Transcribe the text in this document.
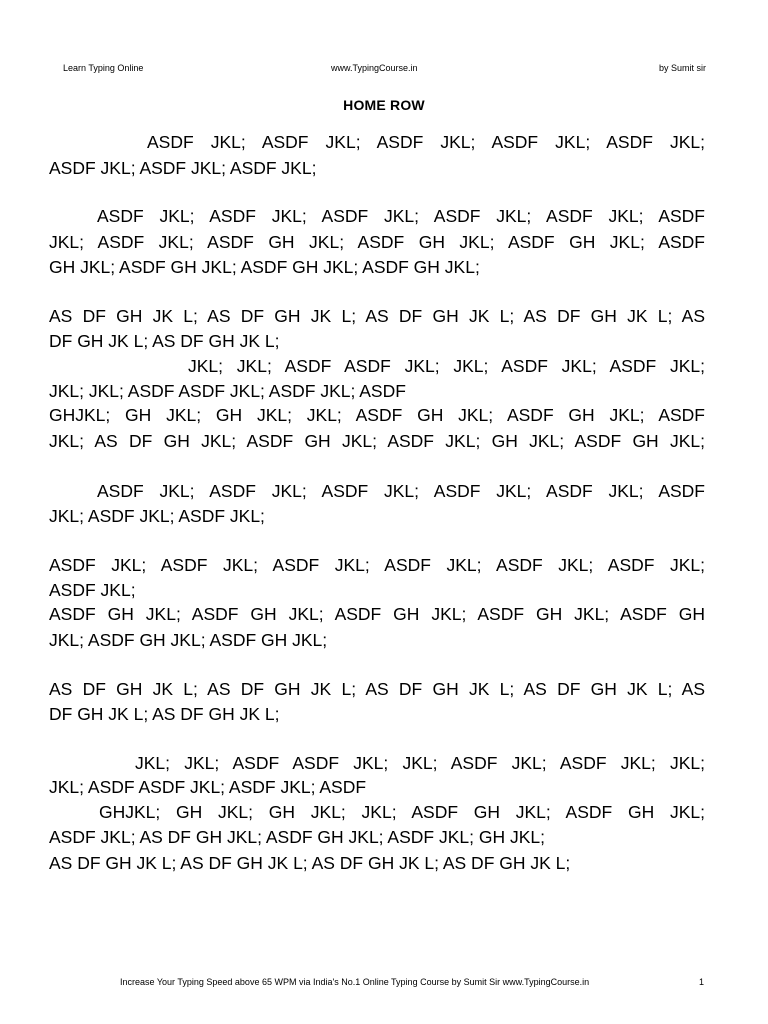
Learn Typing Online	www.TypingCourse.in	by Sumit sir
HOME ROW
ASDF JKL; ASDF JKL; ASDF JKL; ASDF JKL; ASDF JKL;
ASDF JKL; ASDF JKL; ASDF JKL;
ASDF JKL; ASDF JKL; ASDF JKL; ASDF JKL; ASDF JKL; ASDF
JKL; ASDF JKL; ASDF GH JKL; ASDF GH JKL; ASDF GH JKL; ASDF
GH JKL; ASDF GH JKL; ASDF GH JKL; ASDF GH JKL;
AS DF GH JK L; AS DF GH JK L; AS DF GH JK L; AS DF GH JK L; AS
DF GH JK L; AS DF GH JK L;
JKL; JKL; ASDF ASDF JKL; JKL; ASDF JKL; ASDF JKL;
JKL; JKL; ASDF ASDF JKL; ASDF JKL; ASDF
GHJKL; GH JKL; GH JKL; JKL; ASDF GH JKL; ASDF GH JKL; ASDF
JKL; AS DF GH JKL; ASDF GH JKL; ASDF JKL; GH JKL; ASDF GH JKL;
ASDF JKL; ASDF JKL; ASDF JKL; ASDF JKL; ASDF JKL; ASDF
JKL; ASDF JKL; ASDF JKL;
ASDF JKL; ASDF JKL; ASDF JKL; ASDF JKL; ASDF JKL; ASDF JKL;
ASDF JKL;
ASDF GH JKL; ASDF GH JKL; ASDF GH JKL; ASDF GH JKL; ASDF GH
JKL; ASDF GH JKL; ASDF GH JKL;
AS DF GH JK L; AS DF GH JK L; AS DF GH JK L; AS DF GH JK L; AS
DF GH JK L; AS DF GH JK L;
JKL; JKL; ASDF ASDF JKL; JKL; ASDF JKL; ASDF JKL; JKL;
JKL; ASDF ASDF JKL; ASDF JKL; ASDF
GHJKL; GH JKL; GH JKL; JKL; ASDF GH JKL; ASDF GH JKL;
ASDF JKL; AS DF GH JKL; ASDF GH JKL; ASDF JKL; GH JKL;
AS DF GH JK L; AS DF GH JK L; AS DF GH JK L; AS DF GH JK L;
Increase Your Typing Speed above 65 WPM via India's No.1 Online Typing Course by Sumit Sir www.TypingCourse.in	1
